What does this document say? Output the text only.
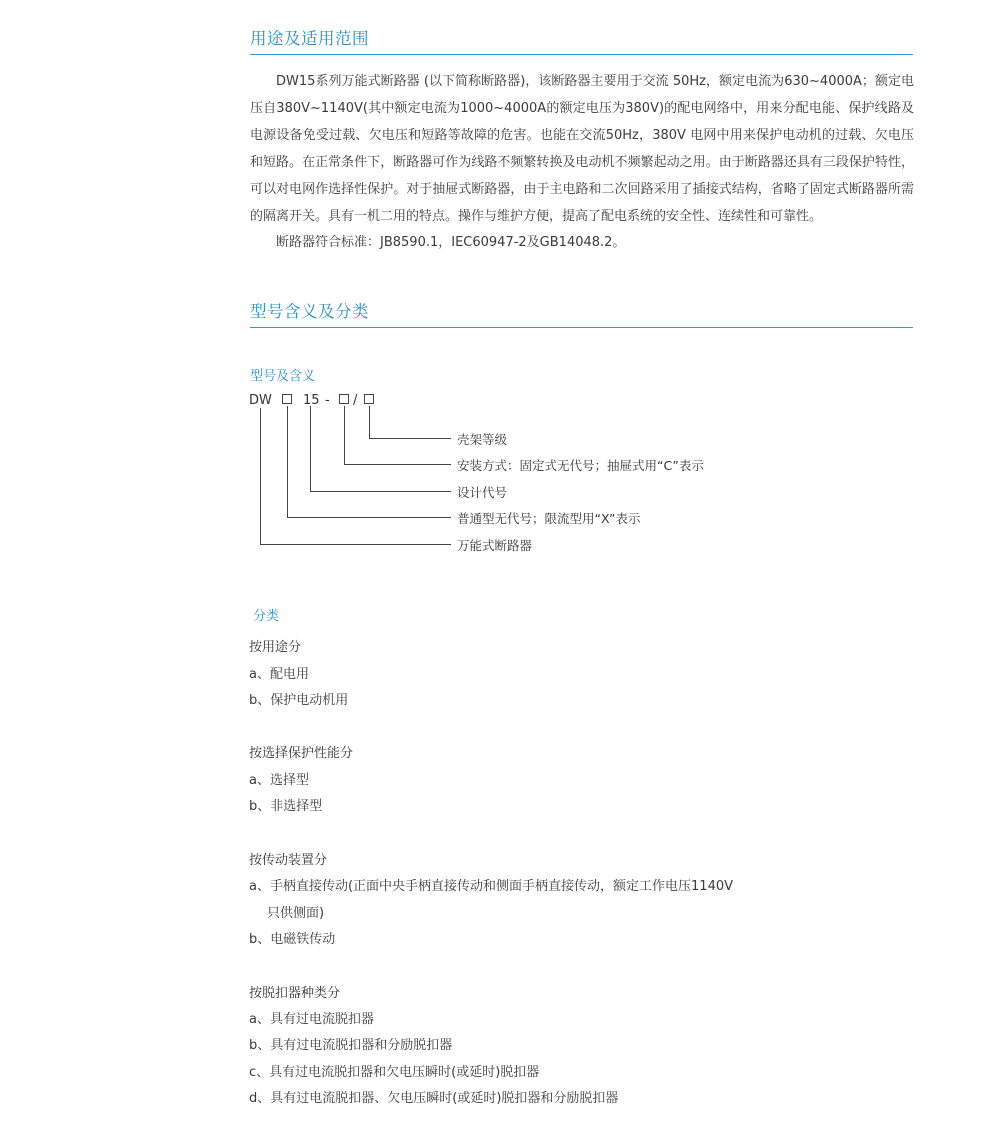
用途及适用范围

DW15系列万能式断路器 (以下简称断路器)，该断路器主要用于交流 50Hz，额定电流为630~4000A；额定电压自380V~1140V(其中额定电流为1000~4000A的额定电压为380V)的配电网络中，用来分配电能、保护线路及电源设备免受过载、欠电压和短路等故障的危害。也能在交流50Hz，380V 电网中用来保护电动机的过载、欠电压和短路。在正常条件下，断路器可作为线路不频繁转换及电动机不频繁起动之用。由于断路器还具有三段保护特性，可以对电网作选择性保护。对于抽屉式断路器，由于主电路和二次回路采用了插接式结构，省略了固定式断路器所需的隔离开关。具有一机二用的特点。操作与维护方便，提高了配电系统的安全性、连续性和可靠性。

断路器符合标准：JB8590.1，IEC60947-2及GB14048.2。

型号含义及分类
型号及含义
DW 15 - /
壳架等级
安装方式：固定式无代号；抽屉式用“C”表示
设计代号
普通型无代号；限流型用“X”表示
万能式断路器
分类
按用途分
a、配电用
b、保护电动机用
按选择保护性能分
a、选择型
b、非选择型
按传动装置分
a、手柄直接传动(正面中央手柄直接传动和侧面手柄直接传动，额定工作电压1140V
只供侧面)
b、电磁铁传动
按脱扣器种类分
a、具有过电流脱扣器
b、具有过电流脱扣器和分励脱扣器
c、具有过电流脱扣器和欠电压瞬时(或延时)脱扣器
d、具有过电流脱扣器、欠电压瞬时(或延时)脱扣器和分励脱扣器
